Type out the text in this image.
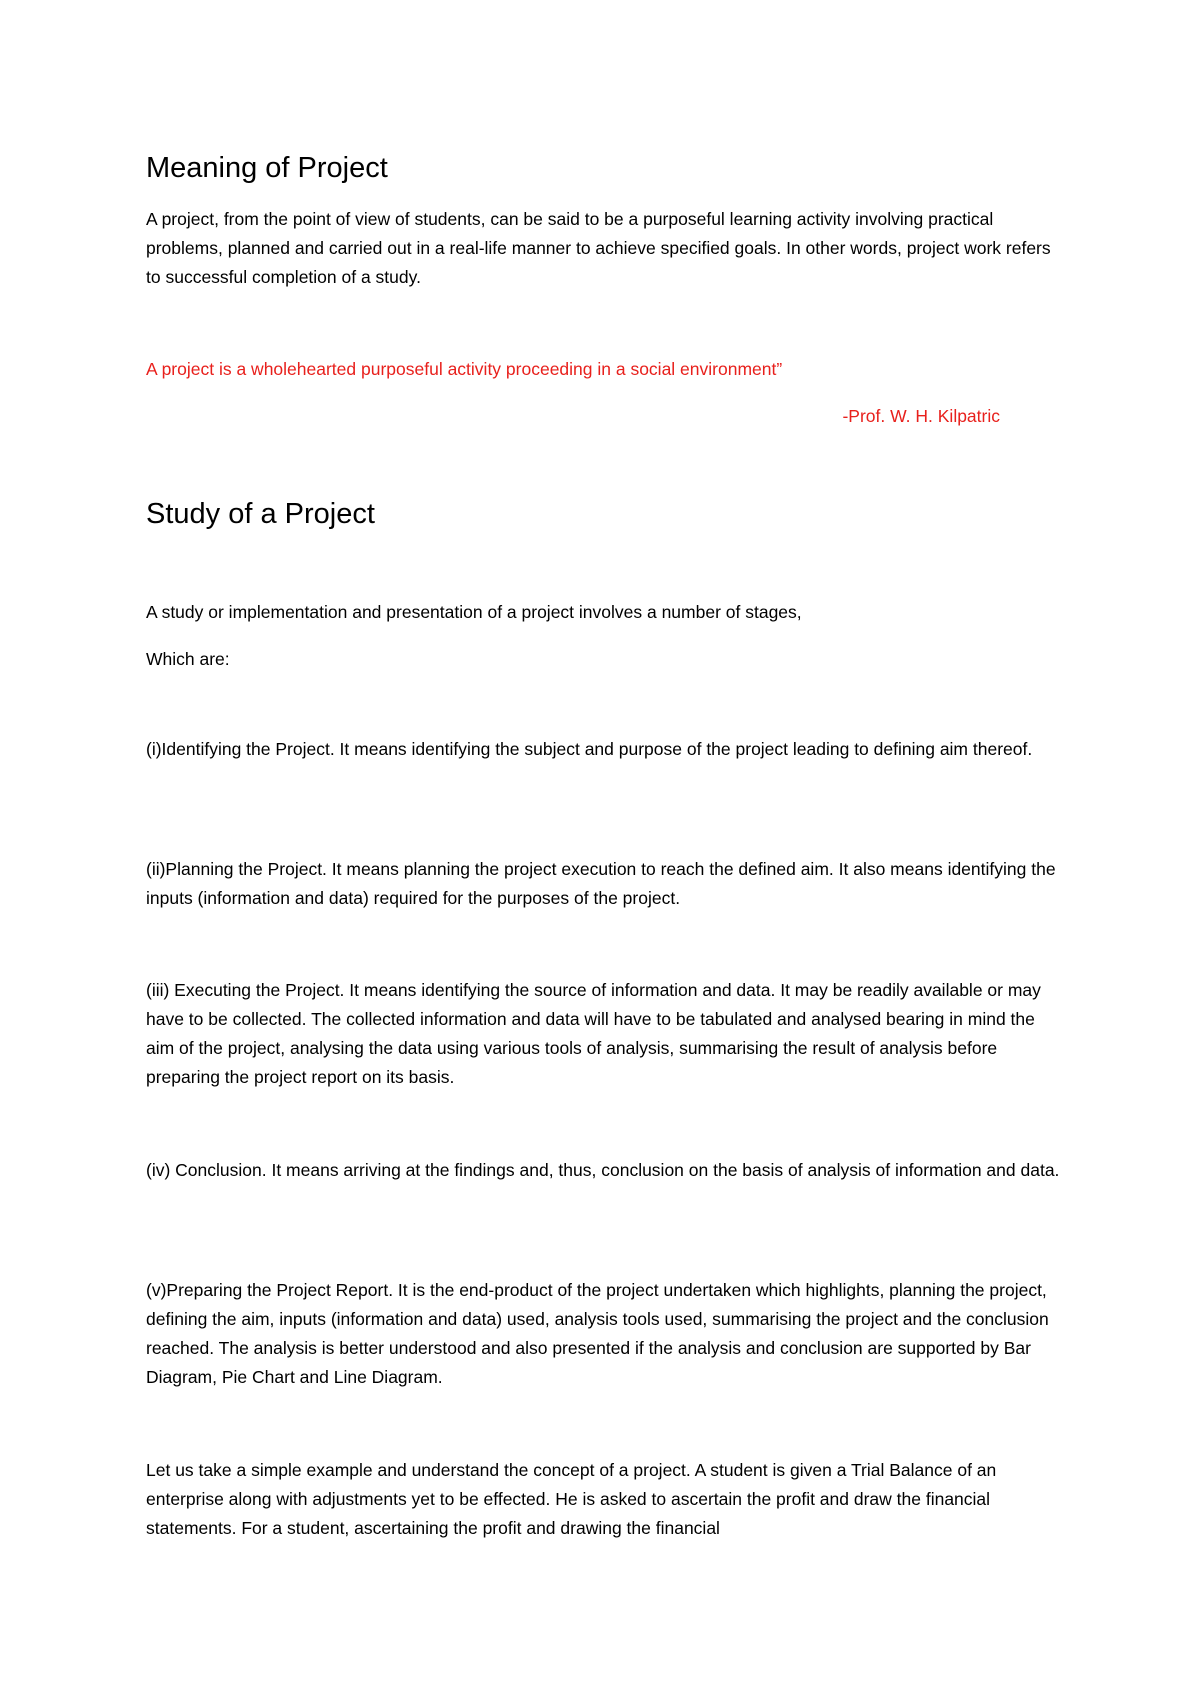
Meaning of Project

A project, from the point of view of students, can be said to be a purposeful learning activity involving practical problems, planned and carried out in a real-life manner to achieve specified goals. In other words, project work refers to successful completion of a study.

A project is a wholehearted purposeful activity proceeding in a social environment”

-Prof. W. H. Kilpatric

Study of a Project

A study or implementation and presentation of a project involves a number of stages,

Which are:

(i)Identifying the Project. It means identifying the subject and purpose of the project leading to defining aim thereof.

(ii)Planning the Project. It means planning the project execution to reach the defined aim. It also means identifying the inputs (information and data) required for the purposes of the project.

(iii) Executing the Project. It means identifying the source of information and data. It may be readily available or may have to be collected. The collected information and data will have to be tabulated and analysed bearing in mind the aim of the project, analysing the data using various tools of analysis, summarising the result of analysis before preparing the project report on its basis.

(iv) Conclusion. It means arriving at the findings and, thus, conclusion on the basis of analysis of information and data.

(v)Preparing the Project Report. It is the end-product of the project undertaken which highlights, planning the project, defining the aim, inputs (information and data) used, analysis tools used, summarising the project and the conclusion reached. The analysis is better understood and also presented if the analysis and conclusion are supported by Bar Diagram, Pie Chart and Line Diagram.

Let us take a simple example and understand the concept of a project. A student is given a Trial Balance of an enterprise along with adjustments yet to be effected. He is asked to ascertain the profit and draw the financial statements. For a student, ascertaining the profit and drawing the financial
